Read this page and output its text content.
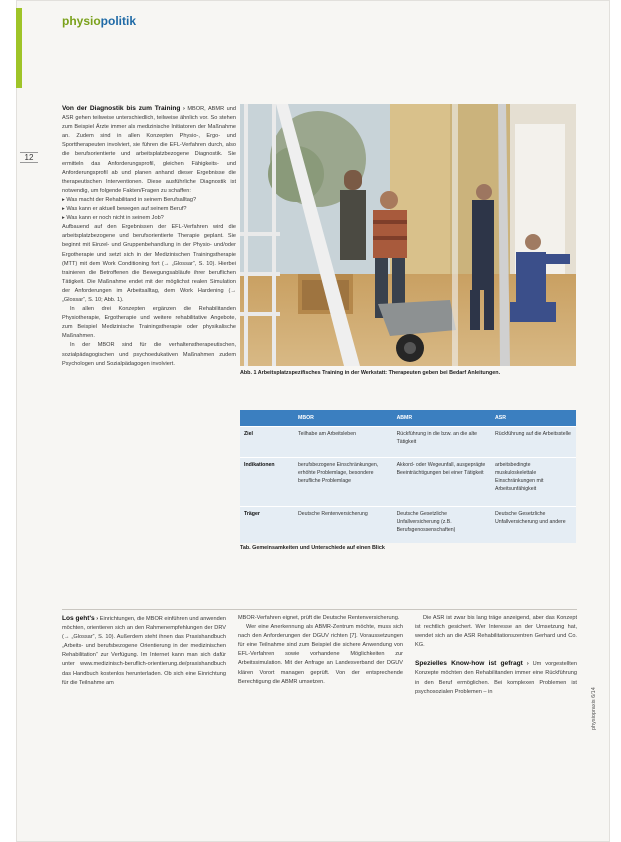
physiopolitik
12

Von der Diagnostik bis zum Training › MBOR, ABMR und ASR gehen teilweise unterschiedlich, teilweise ähnlich vor. So stehen zum Beispiel Ärzte immer als medizinische Initiatoren der Maßnahme an. Zudem sind in allen Konzepten Physio-, Ergo- und Sporttherapeuten involviert, sie führen die EFL-Verfahren durch, also die berufsorientierte und arbeitsplatzbezogene Diagnostik. Sie ermitteln das Anforderungsprofil, gleichen Fähigkeits- und Anforderungsprofil ab und planen anhand dieser Ergebnisse die therapeutischen Interventionen. Diese ausführliche Diagnostik ist notwendig, um folgende Fakten/Fragen zu schaffen:

▸ Was macht der Rehabilitand in seinem Berufsalltag?

▸ Was kann er aktuell bewegen auf seinem Beruf?

▸ Was kann er noch nicht in seinem Job?

Aufbauend auf den Ergebnissen der EFL-Verfahren wird die arbeitsplatzbezogene und berufsorientierte Therapie geplant. Sie beginnt mit Einzel- und Gruppenbehandlung in der Physio- und/oder Ergotherapie und setzt sich in der Medizinischen Trainingstherapie (MTT) mit dem Work Conditioning fort (→ „Glossar“, S. 10). Hierbei trainieren die Betroffenen die Bewegungsabläufe ihrer beruflichen Tätigkeit. Die Maßnahme endet mit der möglichst realen Simulation der Anforderungen im Arbeitsalltag, dem Work Hardening (→ „Glossar“, S. 10; Abb. 1).

In allen drei Konzepten ergänzen die Rehabilitanden Physiotherapie, Ergotherapie und weitere rehabilitative Angebote, zum Beispiel Medizinische Trainingstherapie oder physikalische Maßnahmen.

In der MBOR sind für die verhaltenstherapeutischen, sozialpädagogischen und psychoedukativen Maßnahmen zudem Psychologen und Sozialpädagogen involviert.

Abb. 1 Arbeitsplatzspezifisches Training in der Werkstatt: Therapeuten geben bei Bedarf Anleitungen.
	MBOR	ABMR	ASR
Ziel	Teilhabe am Arbeitsleben	Rückführung in die bzw. an die alte Tätigkeit	Rückführung auf die Arbeitsstelle
Indikationen	berufsbezogene Einschränkungen, erhöhte Problemlage, besondere berufliche Problemlage	Akkord- oder Wegeunfall, ausgeprägte Beeinträchtigungen bei einer Tätigkeit	arbeitsbedingte muskuloskelettale Einschränkungen mit Arbeitsunfähigkeit
Träger	Deutsche Rentenversicherung	Deutsche Gesetzliche Unfallversicherung (z.B. Berufsgenossenschaften)	Deutsche Gesetzliche Unfallversicherung und andere
Tab. Gemeinsamkeiten und Unterschiede auf einen Blick

Los geht's › Einrichtungen, die MBOR einführen und anwenden möchten, orientieren sich an den Rahmenempfehlungen der DRV (→ „Glossar“, S. 10). Außerdem steht ihnen das Praxishandbuch „Arbeits- und berufsbezogene Orientierung in der medizinischen Rehabilitation“ zur Verfügung. Im Internet kann man sich dafür unter www.medizinisch-beruflich-orientierung.de/praxishandbuch das Handbuch kostenlos herunterladen. Ob sich eine Einrichtung für die Teilnahme am

MBOR-Verfahren eignet, prüft die Deutsche Rentenversicherung.

Wer eine Anerkennung als ABMR-Zentrum möchte, muss sich nach den Anforderungen der DGUV richten [7]. Voraussetzungen für eine Teilnahme sind zum Beispiel die sichere Anwendung von EFL-Verfahren sowie vorhandene Möglichkeiten zur Arbeitssimulation. Mit der Anfrage an Landesverband der DGUV klären Vorort managen geprüft. Von der entsprechende Berechtigung die ABMR umsetzen.

Die ASR ist zwar bis lang träge anzeigend, aber das Konzept ist rechtlich gesichert. Wer Interesse an der Umsetzung hat, wendet sich an die ASR Rehabilitationszentren Gerhard und Co. KG.

Spezielles Know-how ist gefragt › Um vorgestellten Konzepte möchten den Rehabilitanden immer eine Rückführung in den Beruf ermöglichen. Bei komplexen Problemen ist psychosozialen Problemen – in	physiopraxis 6/14
